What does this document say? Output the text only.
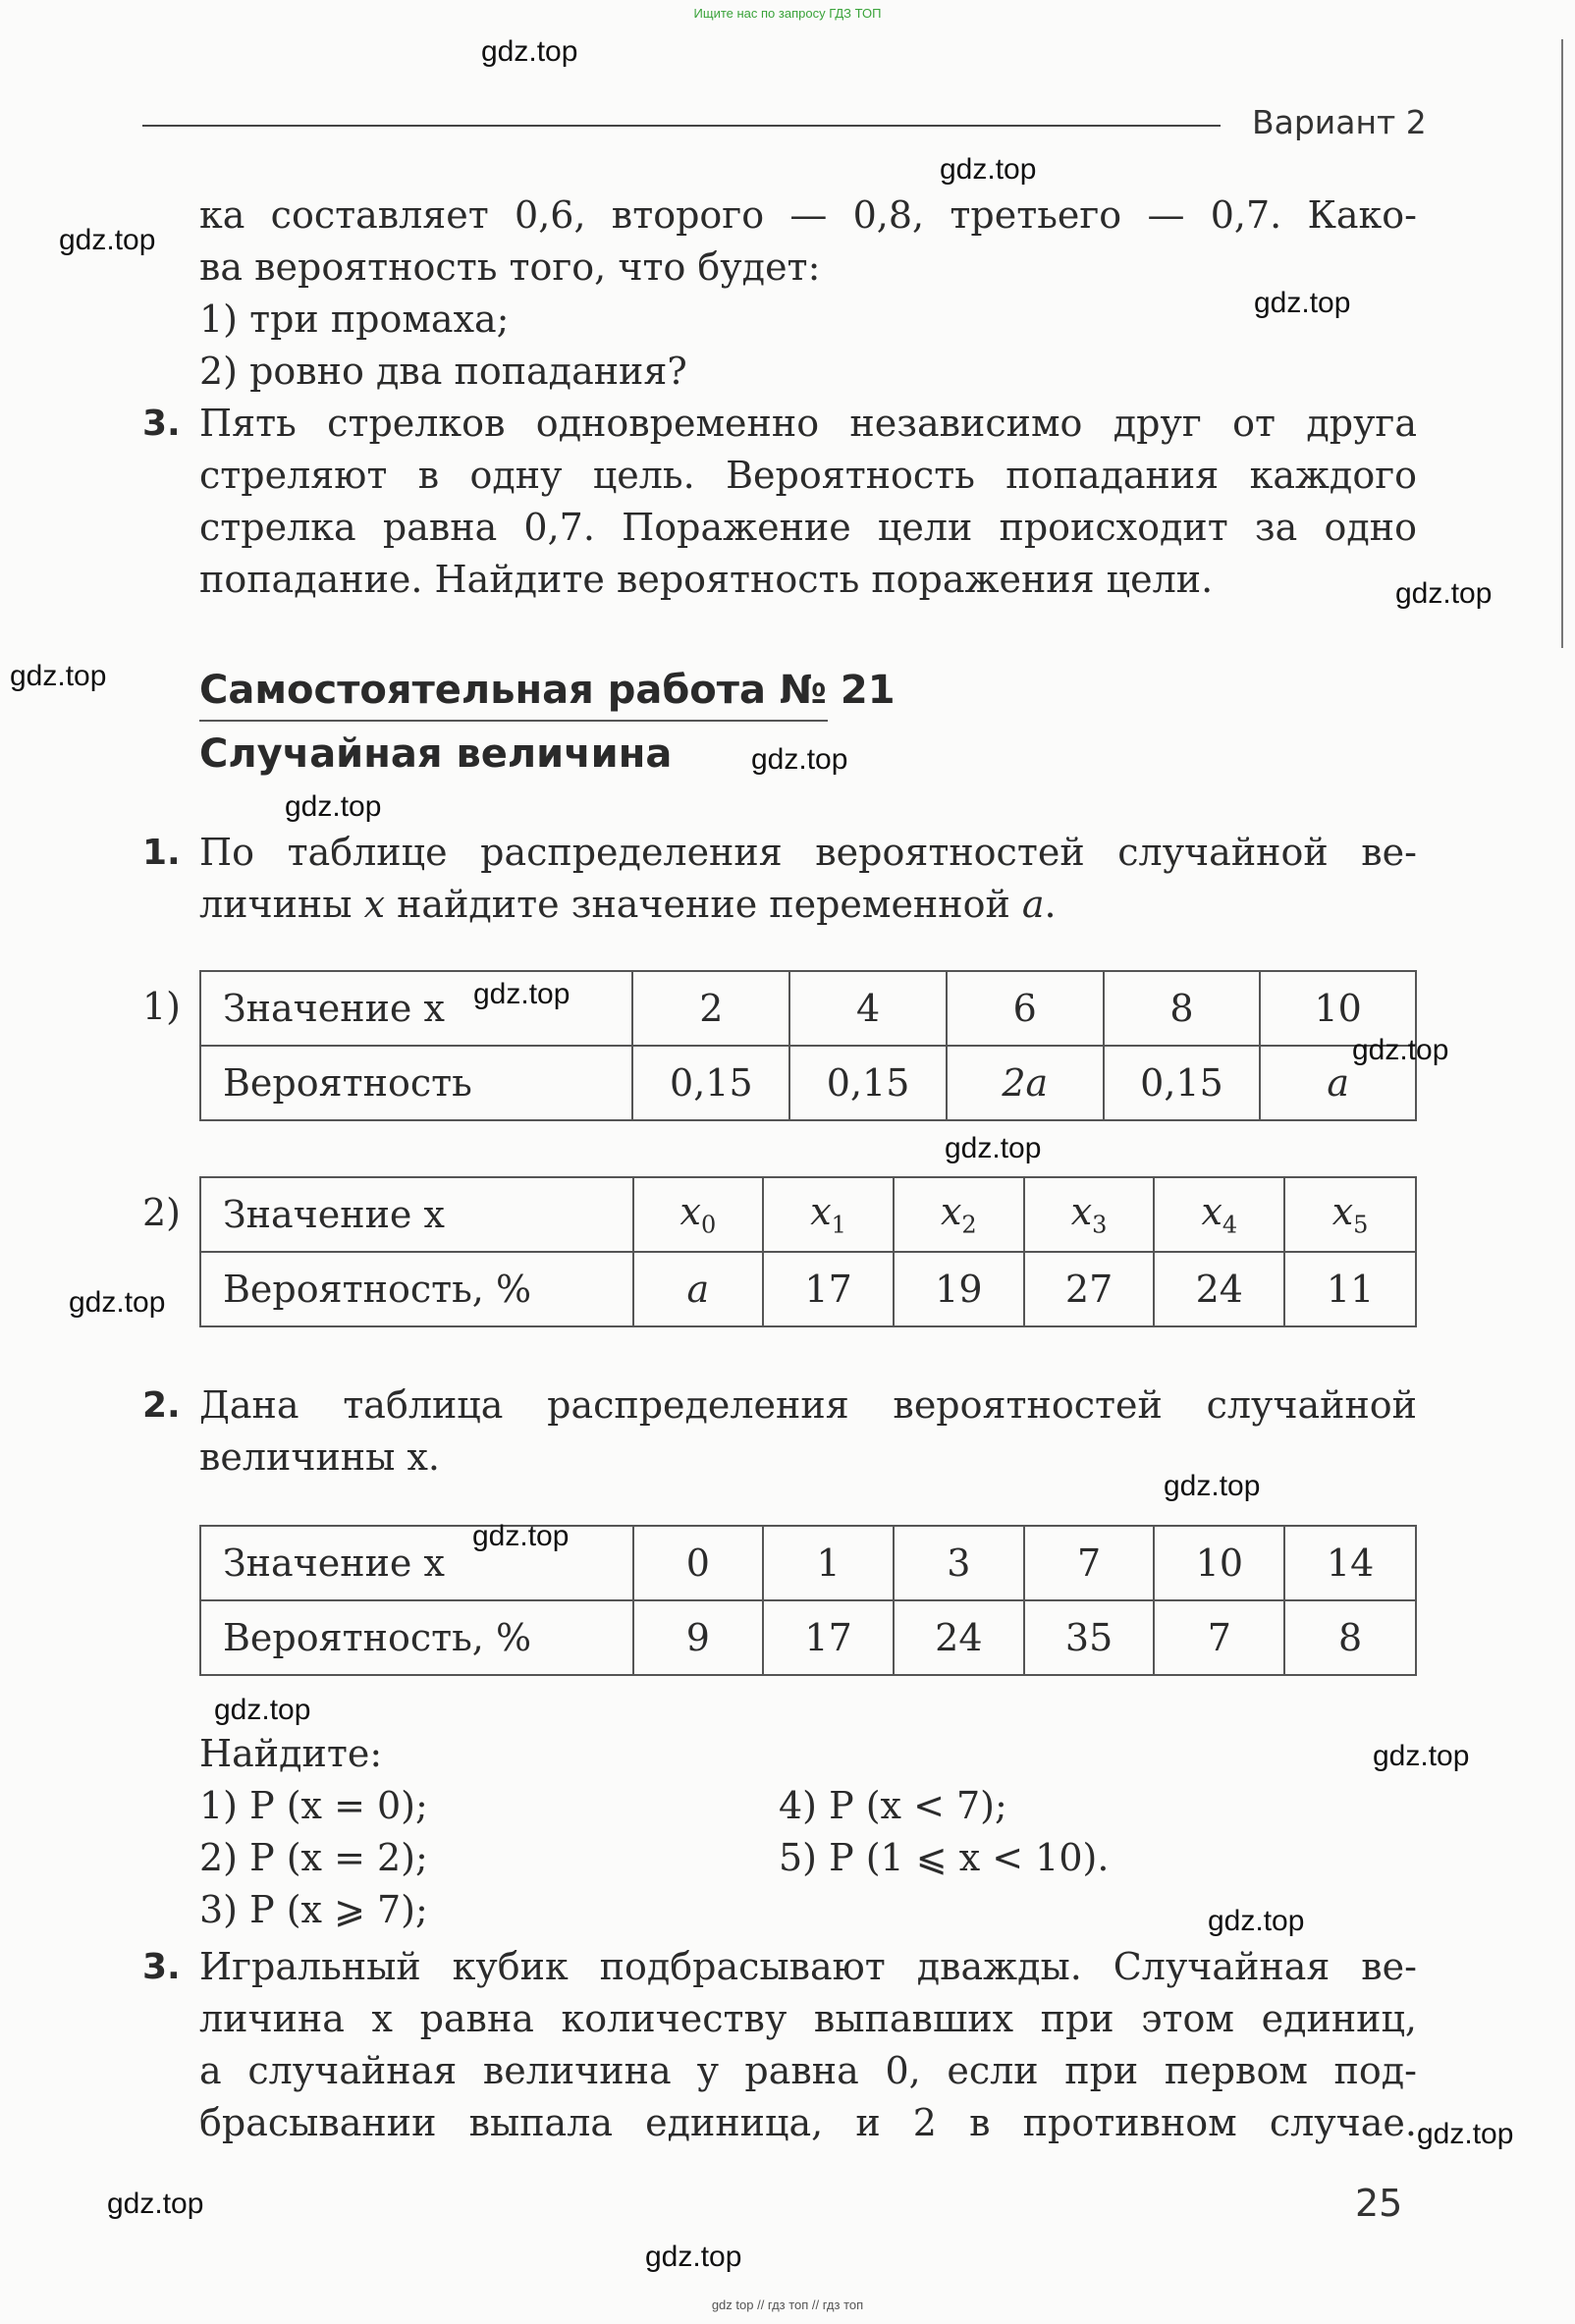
Ищите нас по запросу ГДЗ ТОП
Вариант 2
ка составляет 0,6, второго — 0,8, третьего — 0,7. Како-
ва вероятность того, что будет:
1) три промаха;
2) ровно два попадания?
3. Пять стрелков одновременно независимо друг от друга
стреляют в одну цель. Вероятность попадания каждого
стрелка равна 0,7. Поражение цели происходит за одно
попадание. Найдите вероятность поражения цели.
Самостоятельная работа № 21
Случайная величина
1. По таблице распределения вероятностей случайной ве-
личины x найдите значение переменной a.
1) Значение x	2	4	6	8	10
Вероятность	0,15	0,15	2a	0,15	a
2) Значение x	$x_0$	$x_1$	$x_2$	$x_3$	$x_4$	$x_5$
Вероятность, %	a	17	19	27	24	11
2. Дана таблица распределения вероятностей случайной
величины x.
Значение x	0	1	3	7	10	14
Вероятность, %	9	17	24	35	7	8
Найдите:
1) P (x = 0);
2) P (x = 2);
3) P (x ⩾ 7);
4) P (x < 7);
5) P (1 ⩽ x < 10).
3. Игральный кубик подбрасывают дважды. Случайная ве-
личина x равна количеству выпавших при этом единиц,
а случайная величина y равна 0, если при первом под-
брасывании выпала единица, и 2 в противном случае.
25
gdz.top
gdz.top
gdz.top
gdz.top
gdz.top
gdz.top
gdz.top
gdz.top
gdz.top
gdz.top
gdz.top
gdz.top
gdz.top
gdz.top
gdz.top
gdz.top
gdz.top
gdz.top
gdz.top
gdz.top
gdz top // гдз топ // гдз топ
